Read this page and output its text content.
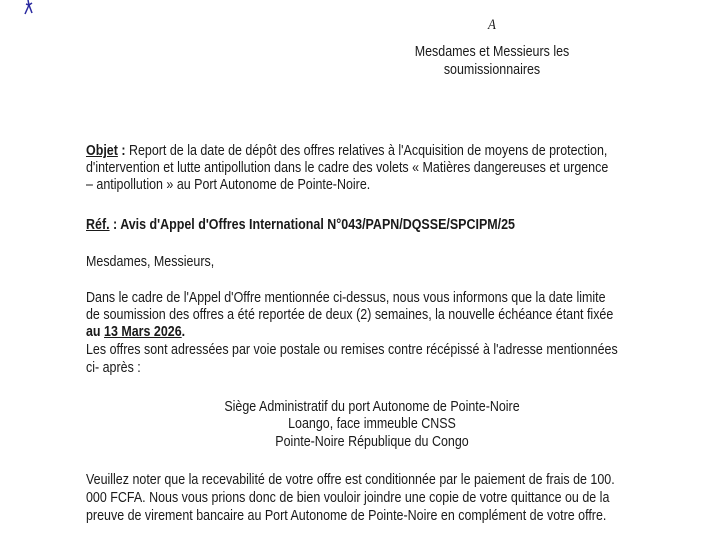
A
Mesdames et Messieurs les
soumissionnaires
Objet : Report de la date de dépôt des offres relatives à l'Acquisition de moyens de protection,
d'intervention et lutte antipollution dans le cadre des volets « Matières dangereuses et urgence
– antipollution » au Port Autonome de Pointe-Noire.
Réf. : Avis d'Appel d'Offres International N°043/PAPN/DQSSE/SPCIPM/25
Mesdames, Messieurs,
Dans le cadre de l'Appel d'Offre mentionnée ci-dessus, nous vous informons que la date limite
de soumission des offres a été reportée de deux (2) semaines, la nouvelle échéance étant fixée
au 13 Mars 2026.
Les offres sont adressées par voie postale ou remises contre récépissé à l'adresse mentionnées
ci- après :
Siège Administratif du port Autonome de Pointe-Noire
Loango, face immeuble CNSS
Pointe-Noire République du Congo
Veuillez noter que la recevabilité de votre offre est conditionnée par le paiement de frais de 100.
000 FCFA. Nous vous prions donc de bien vouloir joindre une copie de votre quittance ou de la
preuve de virement bancaire au Port Autonome de Pointe-Noire en complément de votre offre.
